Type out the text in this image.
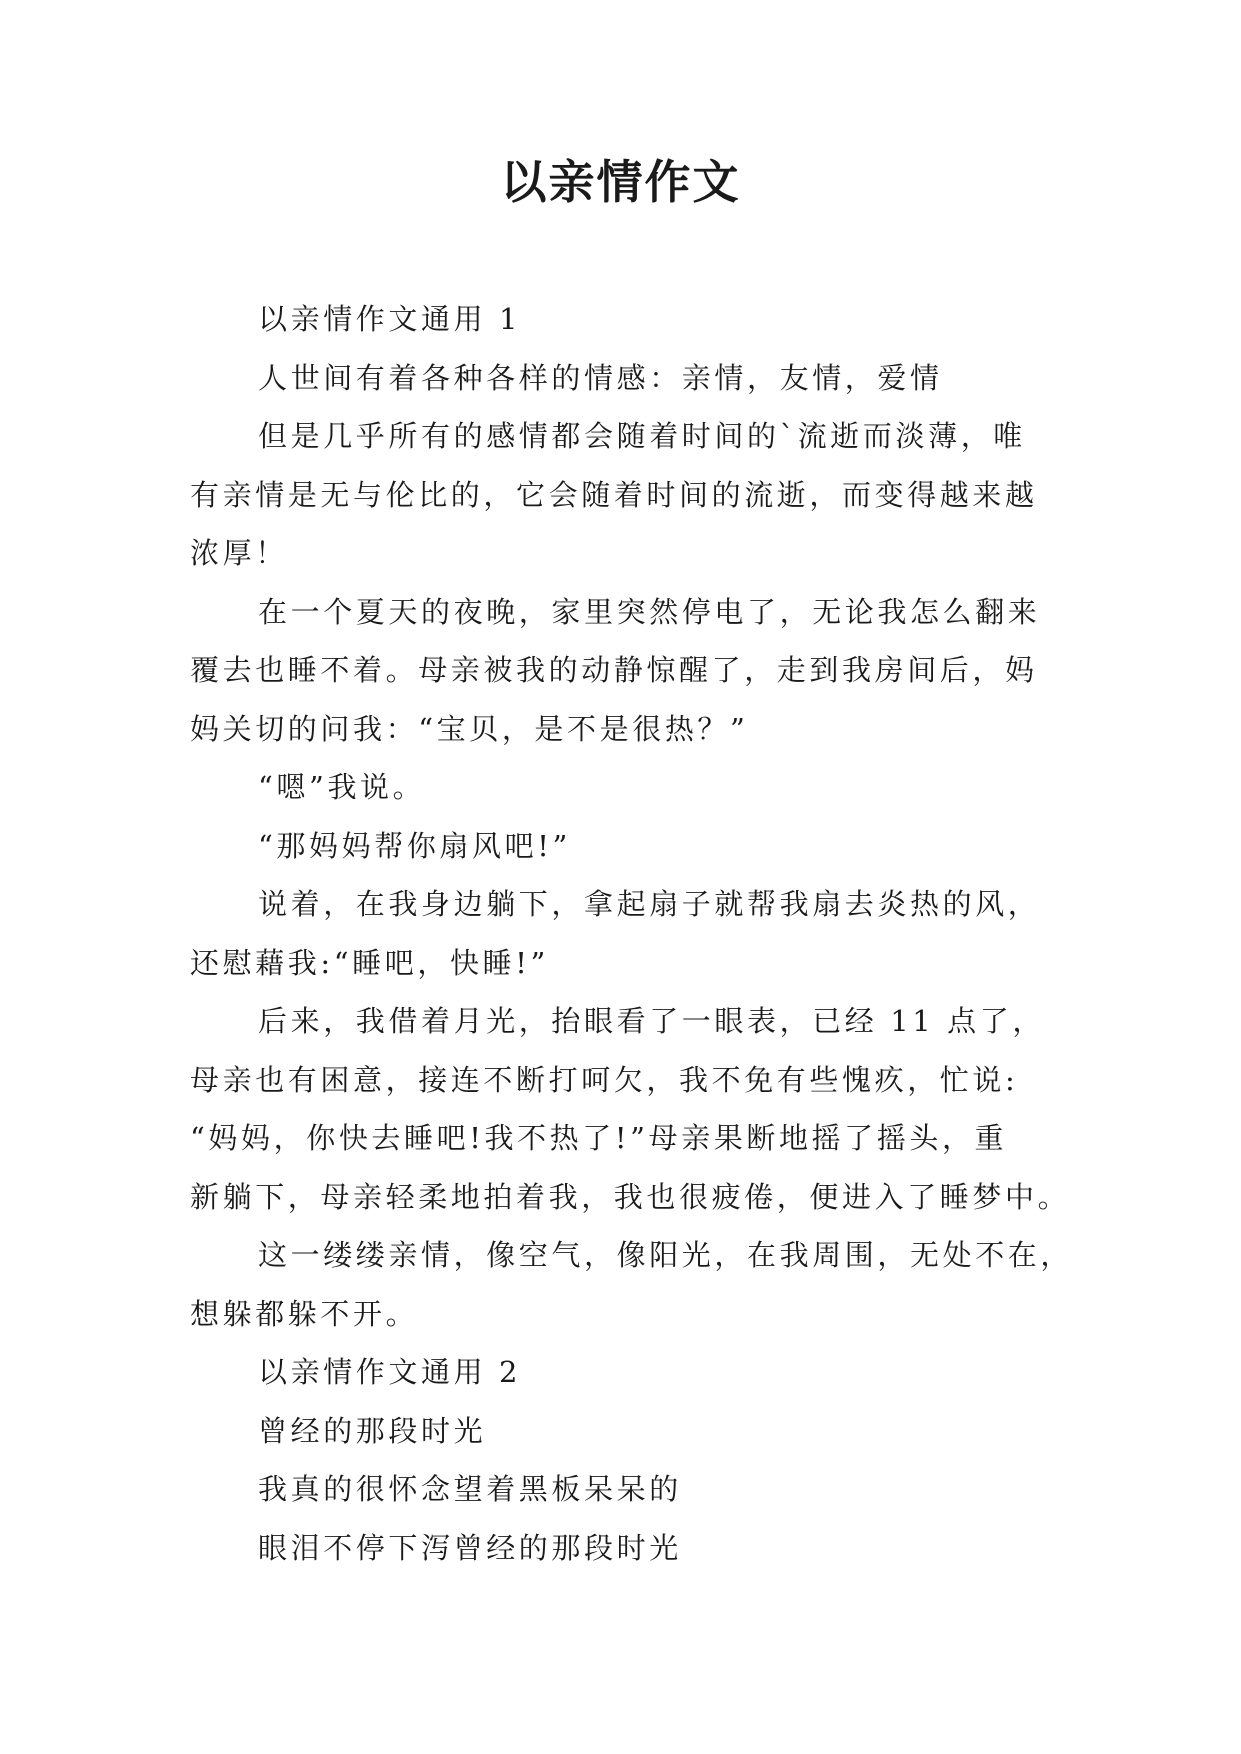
以亲情作文
以亲情作文通用 1
人世间有着各种各样的情感：亲情，友情，爱情
但是几乎所有的感情都会随着时间的`流逝而淡薄，唯
有亲情是无与伦比的，它会随着时间的流逝，而变得越来越
浓厚！
在一个夏天的夜晚，家里突然停电了，无论我怎么翻来
覆去也睡不着。母亲被我的动静惊醒了，走到我房间后，妈
妈关切的问我：“宝贝，是不是很热？”
“嗯”我说。
“那妈妈帮你扇风吧!”
说着，在我身边躺下，拿起扇子就帮我扇去炎热的风，
还慰藉我:“睡吧，快睡!”
后来，我借着月光，抬眼看了一眼表，已经 11 点了，
母亲也有困意，接连不断打呵欠，我不免有些愧疚，忙说:
“妈妈，你快去睡吧!我不热了!”母亲果断地摇了摇头，重
新躺下，母亲轻柔地拍着我，我也很疲倦，便进入了睡梦中。
这一缕缕亲情，像空气，像阳光，在我周围，无处不在，
想躲都躲不开。
以亲情作文通用 2
曾经的那段时光
我真的很怀念望着黑板呆呆的
眼泪不停下泻曾经的那段时光
